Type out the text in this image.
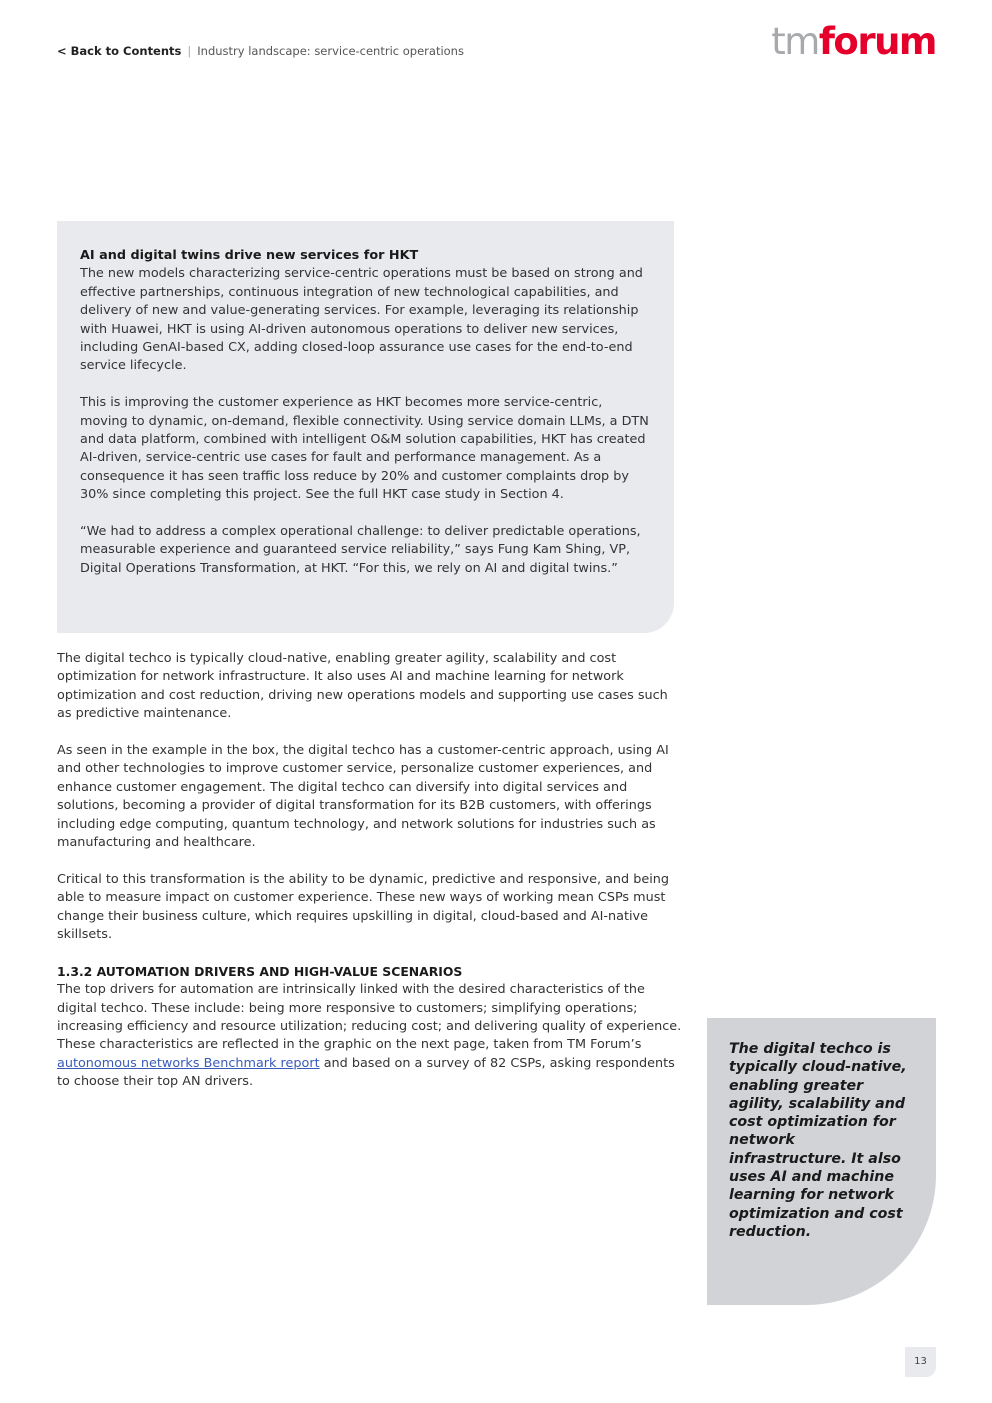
< Back to Contents | Industry landscape: service-centric operations	tmforum
AI and digital twins drive new services for HKT

The new models characterizing service-centric operations must be based on strong and effective partnerships, continuous integration of new technological capabilities, and delivery of new and value-generating services. For example, leveraging its relationship with Huawei, HKT is using AI-driven autonomous operations to deliver new services, including GenAI-based CX, adding closed-loop assurance use cases for the end-to-end service lifecycle.

This is improving the customer experience as HKT becomes more service-centric, moving to dynamic, on-demand, flexible connectivity. Using service domain LLMs, a DTN and data platform, combined with intelligent O&M solution capabilities, HKT has created AI-driven, service-centric use cases for fault and performance management. As a consequence it has seen traffic loss reduce by 20% and customer complaints drop by 30% since completing this project. See the full HKT case study in Section 4.

“We had to address a complex operational challenge: to deliver predictable operations, measurable experience and guaranteed service reliability,” says Fung Kam Shing, VP, Digital Operations Transformation, at HKT. “For this, we rely on AI and digital twins.”

The digital techco is typically cloud-native, enabling greater agility, scalability and cost optimization for network infrastructure. It also uses AI and machine learning for network optimization and cost reduction, driving new operations models and supporting use cases such as predictive maintenance.

As seen in the example in the box, the digital techco has a customer-centric approach, using AI and other technologies to improve customer service, personalize customer experiences, and enhance customer engagement. The digital techco can diversify into digital services and solutions, becoming a provider of digital transformation for its B2B customers, with offerings including edge computing, quantum technology, and network solutions for industries such as manufacturing and healthcare.

Critical to this transformation is the ability to be dynamic, predictive and responsive, and being able to measure impact on customer experience. These new ways of working mean CSPs must change their business culture, which requires upskilling in digital, cloud-based and AI-native skillsets.

1.3.2 AUTOMATION DRIVERS AND HIGH-VALUE SCENARIOS

The top drivers for automation are intrinsically linked with the desired characteristics of the digital techco. These include: being more responsive to customers; simplifying operations; increasing efficiency and resource utilization; reducing cost; and delivering quality of experience. These characteristics are reflected in the graphic on the next page, taken from TM Forum’s autonomous networks Benchmark report and based on a survey of 82 CSPs, asking respondents to choose their top AN drivers.

The digital techco is typically cloud-native, enabling greater agility, scalability and cost optimization for network infrastructure. It also uses AI and machine learning for network optimization and cost reduction.
13
